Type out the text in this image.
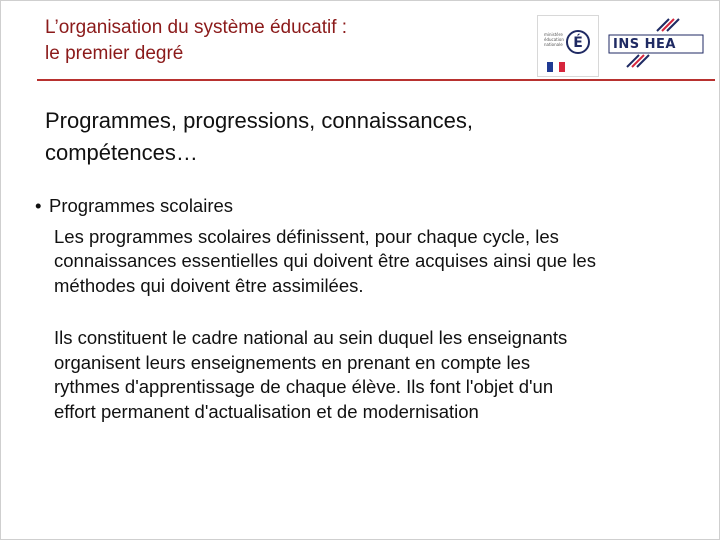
L’organisation du système éducatif :
le premier degré
ministère
éducation
nationale É INS HEA
Programmes, progressions, connaissances,
compétences…
• Programmes scolaires
Les programmes scolaires définissent, pour chaque cycle, les
connaissances essentielles qui doivent être acquises ainsi que les
méthodes qui doivent être assimilées.
Ils constituent le cadre national au sein duquel les enseignants
organisent leurs enseignements en prenant en compte les
rythmes d'apprentissage de chaque élève. Ils font l'objet d'un
effort permanent d'actualisation et de modernisation
